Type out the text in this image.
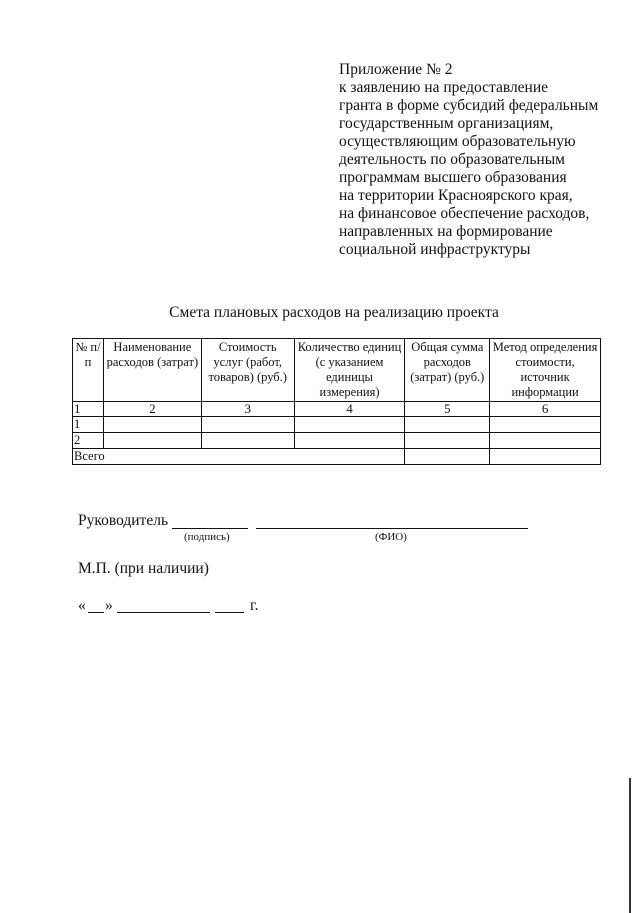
Приложение № 2
к заявлению на предоставление
гранта в форме субсидий федеральным
государственным организациям,
осуществляющим образовательную
деятельность по образовательным
программам высшего образования
на территории Красноярского края,
на финансовое обеспечение расходов,
направленных на формирование
социальной инфраструктуры
Смета плановых расходов на реализацию проекта
№ п/п	Наименование расходов (затрат)	Стоимость услуг (работ, товаров) (руб.)	Количество единиц (с указанием единицы измерения)	Общая сумма расходов (затрат) (руб.)	Метод определения стоимости, источник информации
1	2	3	4	5	6
1					
2					
Всего					
Руководитель
(подпись)	(ФИО)
М.П. (при наличии)
« »	г.
